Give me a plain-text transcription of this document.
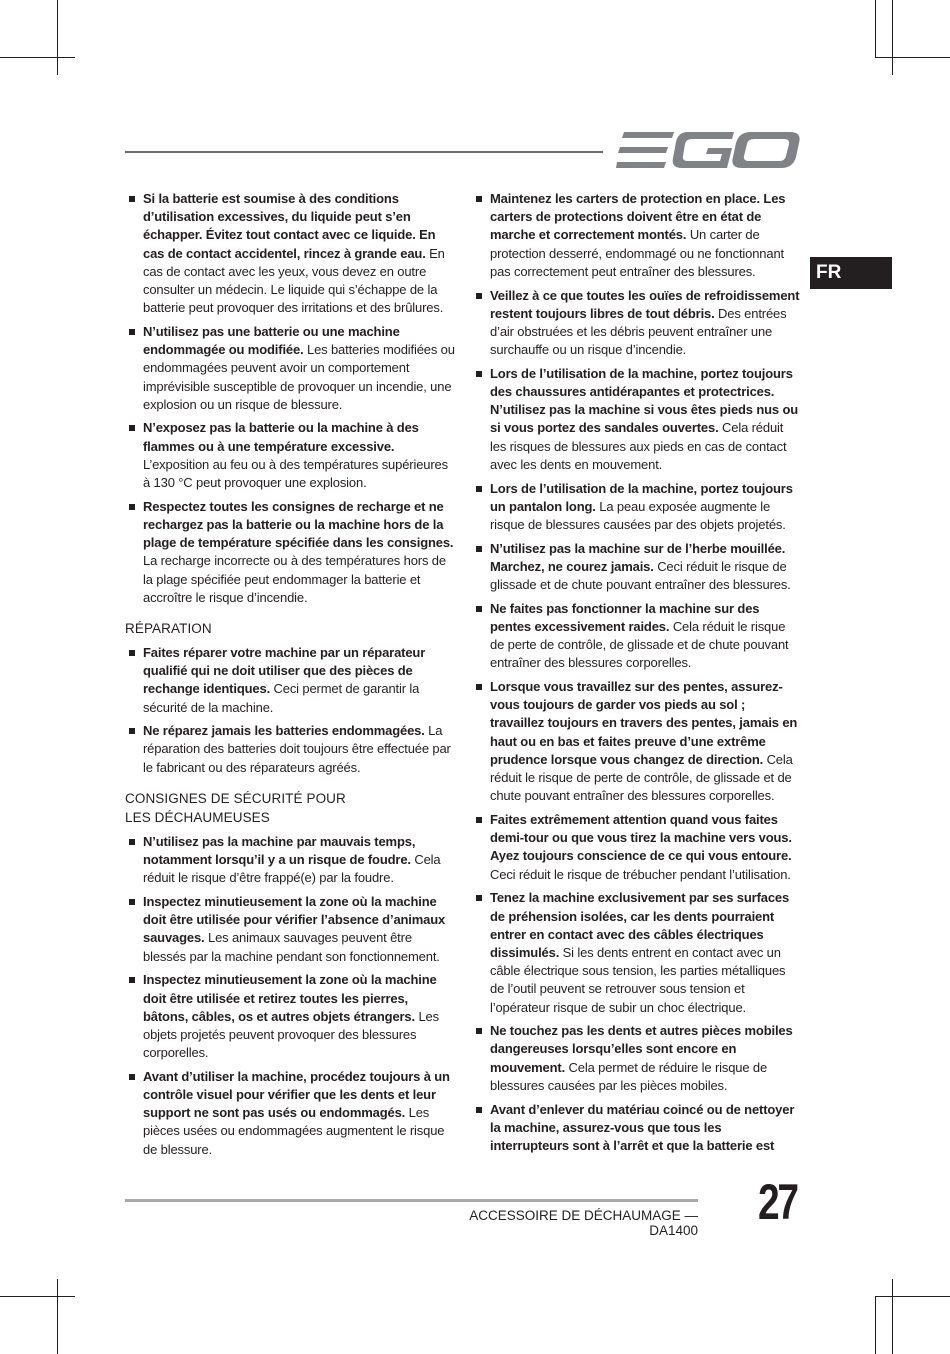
FR
Si la batterie est soumise à des conditions d’utilisation excessives, du liquide peut s’en échapper. Évitez tout contact avec ce liquide. En cas de contact accidentel, rincez à grande eau. En cas de contact avec les yeux, vous devez en outre consulter un médecin. Le liquide qui s’échappe de la batterie peut provoquer des irritations et des brûlures.
N’utilisez pas une batterie ou une machine endommagée ou modifiée. Les batteries modifiées ou endommagées peuvent avoir un comportement imprévisible susceptible de provoquer un incendie, une explosion ou un risque de blessure.
N’exposez pas la batterie ou la machine à des flammes ou à une température excessive. L’exposition au feu ou à des températures supérieures à 130 °C peut provoquer une explosion.
Respectez toutes les consignes de recharge et ne rechargez pas la batterie ou la machine hors de la plage de température spécifiée dans les consignes. La recharge incorrecte ou à des températures hors de la plage spécifiée peut endommager la batterie et accroître le risque d’incendie.
RÉPARATION
Faites réparer votre machine par un réparateur qualifié qui ne doit utiliser que des pièces de rechange identiques. Ceci permet de garantir la sécurité de la machine.
Ne réparez jamais les batteries endommagées. La réparation des batteries doit toujours être effectuée par le fabricant ou des réparateurs agréés.
CONSIGNES DE SÉCURITÉ POUR LES DÉCHAUMEUSES
N’utilisez pas la machine par mauvais temps, notamment lorsqu’il y a un risque de foudre. Cela réduit le risque d’être frappé(e) par la foudre.
Inspectez minutieusement la zone où la machine doit être utilisée pour vérifier l’absence d’animaux sauvages. Les animaux sauvages peuvent être blessés par la machine pendant son fonctionnement.
Inspectez minutieusement la zone où la machine doit être utilisée et retirez toutes les pierres, bâtons, câbles, os et autres objets étrangers. Les objets projetés peuvent provoquer des blessures corporelles.
Avant d’utiliser la machine, procédez toujours à un contrôle visuel pour vérifier que les dents et leur support ne sont pas usés ou endommagés. Les pièces usées ou endommagées augmentent le risque de blessure.
Maintenez les carters de protection en place. Les carters de protections doivent être en état de marche et correctement montés. Un carter de protection desserré, endommagé ou ne fonctionnant pas correctement peut entraîner des blessures.
Veillez à ce que toutes les ouïes de refroidissement restent toujours libres de tout débris. Des entrées d’air obstruées et les débris peuvent entraîner une surchauffe ou un risque d’incendie.
Lors de l’utilisation de la machine, portez toujours des chaussures antidérapantes et protectrices. N’utilisez pas la machine si vous êtes pieds nus ou si vous portez des sandales ouvertes. Cela réduit les risques de blessures aux pieds en cas de contact avec les dents en mouvement.
Lors de l’utilisation de la machine, portez toujours un pantalon long. La peau exposée augmente le risque de blessures causées par des objets projetés.
N’utilisez pas la machine sur de l’herbe mouillée. Marchez, ne courez jamais. Ceci réduit le risque de glissade et de chute pouvant entraîner des blessures.
Ne faites pas fonctionner la machine sur des pentes excessivement raides. Cela réduit le risque de perte de contrôle, de glissade et de chute pouvant entraîner des blessures corporelles.
Lorsque vous travaillez sur des pentes, assurez-vous toujours de garder vos pieds au sol ; travaillez toujours en travers des pentes, jamais en haut ou en bas et faites preuve d’une extrême prudence lorsque vous changez de direction. Cela réduit le risque de perte de contrôle, de glissade et de chute pouvant entraîner des blessures corporelles.
Faites extrêmement attention quand vous faites demi-tour ou que vous tirez la machine vers vous. Ayez toujours conscience de ce qui vous entoure. Ceci réduit le risque de trébucher pendant l’utilisation.
Tenez la machine exclusivement par ses surfaces de préhension isolées, car les dents pourraient entrer en contact avec des câbles électriques dissimulés. Si les dents entrent en contact avec un câble électrique sous tension, les parties métalliques de l’outil peuvent se retrouver sous tension et l’opérateur risque de subir un choc électrique.
Ne touchez pas les dents et autres pièces mobiles dangereuses lorsqu’elles sont encore en mouvement. Cela permet de réduire le risque de blessures causées par les pièces mobiles.
Avant d’enlever du matériau coincé ou de nettoyer la machine, assurez-vous que tous les interrupteurs sont à l’arrêt et que la batterie est
ACCESSOIRE DE DÉCHAUMAGE — DA1400
27
